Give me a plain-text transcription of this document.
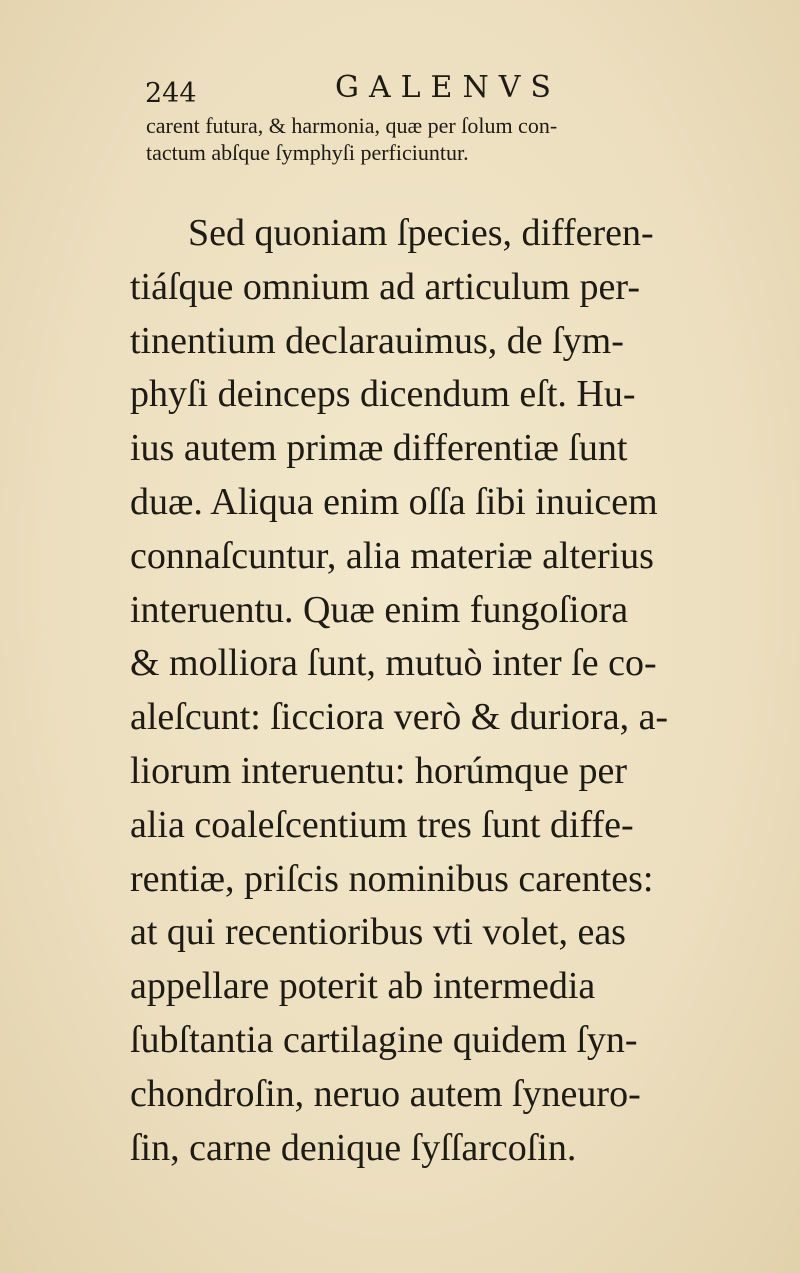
244	GALENVS
carent futura, & harmonia, quæ per ſolum con-
tactum abſque ſymphyſi perficiuntur.
Sed quoniam ſpecies, differen-
tiáſque omnium ad articulum per-
tinentium declarauimus, de ſym-
phyſi deinceps dicendum eſt. Hu-
ius autem primæ differentiæ ſunt
duæ. Aliqua enim oſſa ſibi inuicem
connaſcuntur, alia materiæ alterius
interuentu. Quæ enim fungoſiora
& molliora ſunt, mutuò inter ſe co-
aleſcunt: ſicciora verò & duriora, a-
liorum interuentu: horúmque per
alia coaleſcentium tres ſunt diffe-
rentiæ, priſcis nominibus carentes:
at qui recentioribus vti volet, eas
appellare poterit ab intermedia
ſubſtantia cartilagine quidem ſyn-
chondroſin, neruo autem ſyneuro-
ſin, carne denique ſyſſarcoſin.
